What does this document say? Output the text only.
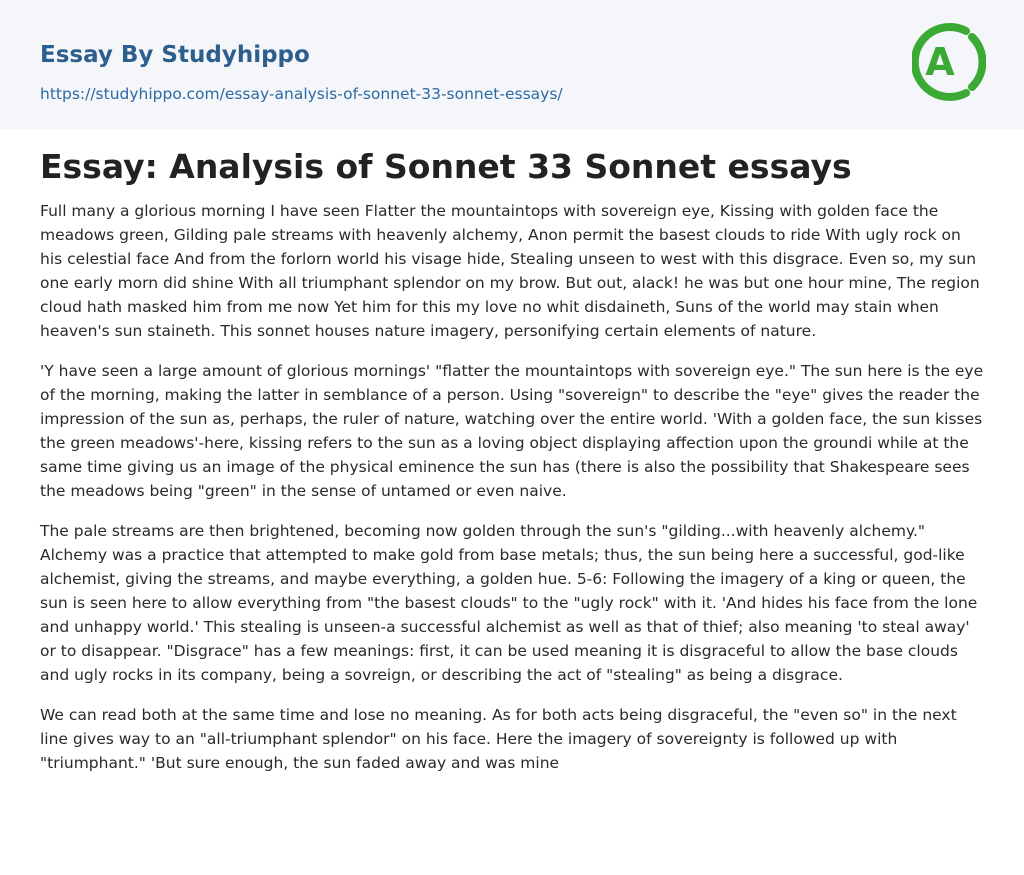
Essay By Studyhippo
https://studyhippo.com/essay-analysis-of-sonnet-33-sonnet-essays/
A
Essay: Analysis of Sonnet 33 Sonnet essays

Full many a glorious morning I have seen Flatter the mountaintops with sovereign eye, Kissing with golden face the meadows green, Gilding pale streams with heavenly alchemy, Anon permit the basest clouds to ride With ugly rock on his celestial face And from the forlorn world his visage hide, Stealing unseen to west with this disgrace. Even so, my sun one early morn did shine With all triumphant splendor on my brow. But out, alack! he was but one hour mine, The region cloud hath masked him from me now Yet him for this my love no whit disdaineth, Suns of the world may stain when heaven's sun staineth. This sonnet houses nature imagery, personifying certain elements of nature.

'Y have seen a large amount of glorious mornings' "flatter the mountaintops with sovereign eye." The sun here is the eye of the morning, making the latter in semblance of a person. Using "sovereign" to describe the "eye" gives the reader the impression of the sun as, perhaps, the ruler of nature, watching over the entire world. 'With a golden face, the sun kisses the green meadows'-here, kissing refers to the sun as a loving object displaying affection upon the groundi while at the same time giving us an image of the physical eminence the sun has (there is also the possibility that Shakespeare sees the meadows being "green" in the sense of untamed or even naive.

The pale streams are then brightened, becoming now golden through the sun's "gilding...with heavenly alchemy." Alchemy was a practice that attempted to make gold from base metals; thus, the sun being here a successful, god-like alchemist, giving the streams, and maybe everything, a golden hue. 5-6: Following the imagery of a king or queen, the sun is seen here to allow everything from "the basest clouds" to the "ugly rock" with it. 'And hides his face from the lone and unhappy world.' This stealing is unseen-a successful alchemist as well as that of thief; also meaning 'to steal away' or to disappear. "Disgrace" has a few meanings: first, it can be used meaning it is disgraceful to allow the base clouds and ugly rocks in its company, being a sovreign, or describing the act of "stealing" as being a disgrace.

We can read both at the same time and lose no meaning. As for both acts being disgraceful, the "even so" in the next line gives way to an "all-triumphant splendor" on his face. Here the imagery of sovereignty is followed up with "triumphant." 'But sure enough, the sun faded away and was mine
